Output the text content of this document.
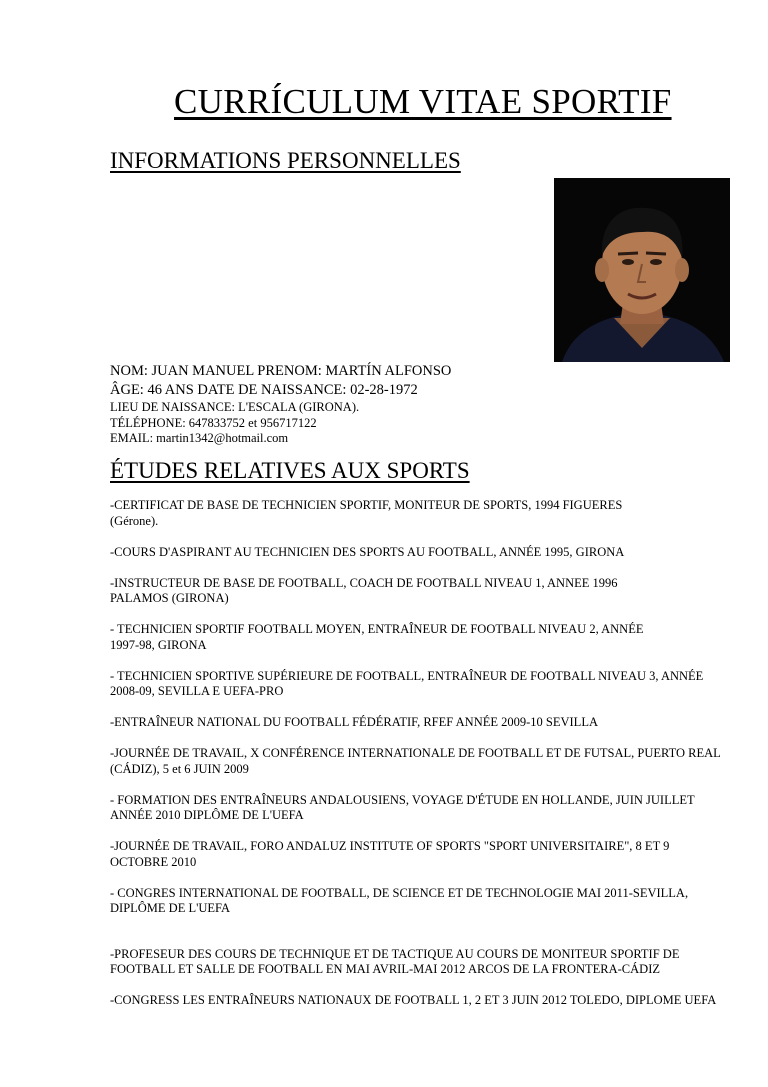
CURRÍCULUM VITAE SPORTIF
INFORMATIONS PERSONNELLES
NOM: JUAN MANUEL PRENOM: MARTÍN ALFONSO
ÂGE: 46 ANS DATE DE NAISSANCE: 02-28-1972
LIEU DE NAISSANCE: L'ESCALA (GIRONA).
TÉLÉPHONE: 647833752 et 956717122
EMAIL: martin1342@hotmail.com
ÉTUDES RELATIVES AUX SPORTS

-CERTIFICAT DE BASE DE TECHNICIEN SPORTIF, MONITEUR DE SPORTS, 1994 FIGUERES
(Gérone).

-COURS D'ASPIRANT AU TECHNICIEN DES SPORTS AU FOOTBALL, ANNÉE 1995, GIRONA

-INSTRUCTEUR DE BASE DE FOOTBALL, COACH DE FOOTBALL NIVEAU 1, ANNEE 1996
PALAMOS (GIRONA)

- TECHNICIEN SPORTIF FOOTBALL MOYEN, ENTRAÎNEUR DE FOOTBALL NIVEAU 2, ANNÉE
1997-98, GIRONA

- TECHNICIEN SPORTIVE SUPÉRIEURE DE FOOTBALL, ENTRAÎNEUR DE FOOTBALL NIVEAU 3, ANNÉE
2008-09, SEVILLA E UEFA-PRO

-ENTRAÎNEUR NATIONAL DU FOOTBALL FÉDÉRATIF, RFEF ANNÉE 2009-10 SEVILLA

-JOURNÉE DE TRAVAIL, X CONFÉRENCE INTERNATIONALE DE FOOTBALL ET DE FUTSAL, PUERTO REAL
(CÁDIZ), 5 et 6 JUIN 2009

- FORMATION DES ENTRAÎNEURS ANDALOUSIENS, VOYAGE D'ÉTUDE EN HOLLANDE, JUIN JUILLET
ANNÉE 2010 DIPLÔME DE L'UEFA

-JOURNÉE DE TRAVAIL, FORO ANDALUZ INSTITUTE OF SPORTS "SPORT UNIVERSITAIRE", 8 ET 9
OCTOBRE 2010

- CONGRES INTERNATIONAL DE FOOTBALL, DE SCIENCE ET DE TECHNOLOGIE MAI 2011-SEVILLA,
DIPLÔME DE L'UEFA

-PROFESEUR DES COURS DE TECHNIQUE ET DE TACTIQUE AU COURS DE MONITEUR SPORTIF DE
FOOTBALL ET SALLE DE FOOTBALL EN MAI AVRIL-MAI 2012 ARCOS DE LA FRONTERA-CÁDIZ

-CONGRESS LES ENTRAÎNEURS NATIONAUX DE FOOTBALL 1, 2 ET 3 JUIN 2012 TOLEDO, DIPLOME UEFA
